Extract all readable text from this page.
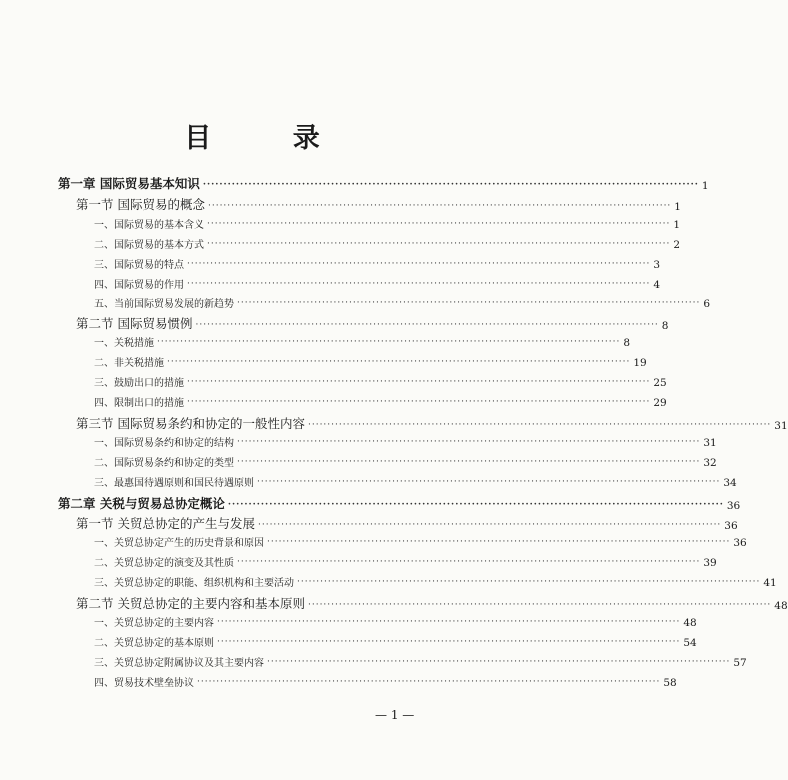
目 录
第一章 国际贸易基本知识 ························································································································ 1
第一节 国际贸易的概念 ························································································································ 1
一、国际贸易的基本含义 ························································································································ 1
二、国际贸易的基本方式 ························································································································ 2
三、国际贸易的特点 ························································································································ 3
四、国际贸易的作用 ························································································································ 4
五、当前国际贸易发展的新趋势 ························································································································ 6
第二节 国际贸易惯例 ························································································································ 8
一、关税措施 ························································································································ 8
二、非关税措施 ························································································································ 19
三、鼓励出口的措施 ························································································································ 25
四、限制出口的措施 ························································································································ 29
第三节 国际贸易条约和协定的一般性内容 ························································································································ 31
一、国际贸易条约和协定的结构 ························································································································ 31
二、国际贸易条约和协定的类型 ························································································································ 32
三、最惠国待遇原则和国民待遇原则 ························································································································ 34
第二章 关税与贸易总协定概论 ························································································································ 36
第一节 关贸总协定的产生与发展 ························································································································ 36
一、关贸总协定产生的历史背景和原因 ························································································································ 36
二、关贸总协定的演变及其性质 ························································································································ 39
三、关贸总协定的职能、组织机构和主要活动 ························································································································ 41
第二节 关贸总协定的主要内容和基本原则 ························································································································ 48
一、关贸总协定的主要内容 ························································································································ 48
二、关贸总协定的基本原则 ························································································································ 54
三、关贸总协定附属协议及其主要内容 ························································································································ 57
四、贸易技术壁垒协议 ························································································································ 58
— 1 —
